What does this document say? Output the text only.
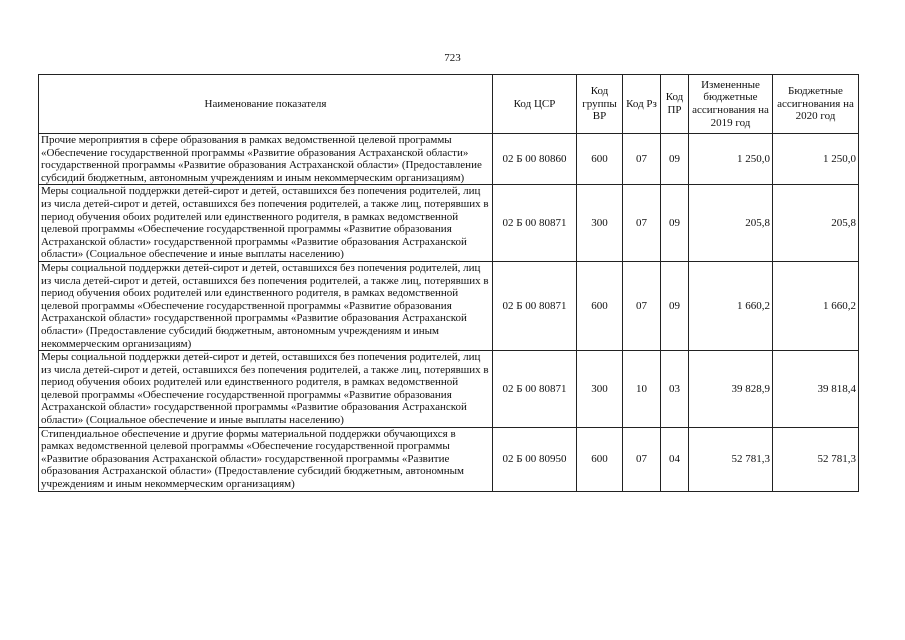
723
Наименование показателя	Код ЦСР	Код группы ВР	Код Рз	Код ПР	Измененные бюджетные ассигнования на 2019 год	Бюджетные ассигнования на 2020 год
Прочие мероприятия в сфере образования в рамках ведомственной целевой программы «Обеспечение государственной программы «Развитие образования Астраханской области» государственной программы «Развитие образования Астраханской области» (Предоставление субсидий бюджетным, автономным учреждениям и иным некоммерческим организациям)	02 Б 00 80860	600	07	09	1 250,0	1 250,0
Меры социальной поддержки детей-сирот и детей, оставшихся без попечения родителей, лиц из числа детей-сирот и детей, оставшихся без попечения родителей, а также лиц, потерявших в период обучения обоих родителей или единственного родителя, в рамках ведомственной целевой программы «Обеспечение государственной программы «Развитие образования Астраханской области» государственной программы «Развитие образования Астраханской области» (Социальное обеспечение и иные выплаты населению)	02 Б 00 80871	300	07	09	205,8	205,8
Меры социальной поддержки детей-сирот и детей, оставшихся без попечения родителей, лиц из числа детей-сирот и детей, оставшихся без попечения родителей, а также лиц, потерявших в период обучения обоих родителей или единственного родителя, в рамках ведомственной целевой программы «Обеспечение государственной программы «Развитие образования Астраханской области» государственной программы «Развитие образования Астраханской области» (Предоставление субсидий бюджетным, автономным учреждениям и иным некоммерческим организациям)	02 Б 00 80871	600	07	09	1 660,2	1 660,2
Меры социальной поддержки детей-сирот и детей, оставшихся без попечения родителей, лиц из числа детей-сирот и детей, оставшихся без попечения родителей, а также лиц, потерявших в период обучения обоих родителей или единственного родителя, в рамках ведомственной целевой программы «Обеспечение государственной программы «Развитие образования Астраханской области» государственной программы «Развитие образования Астраханской области» (Социальное обеспечение и иные выплаты населению)	02 Б 00 80871	300	10	03	39 828,9	39 818,4
Стипендиальное обеспечение и другие формы материальной поддержки обучающихся в рамках ведомственной целевой программы «Обеспечение государственной программы «Развитие образования Астраханской области» государственной программы «Развитие образования Астраханской области» (Предоставление субсидий бюджетным, автономным учреждениям и иным некоммерческим организациям)	02 Б 00 80950	600	07	04	52 781,3	52 781,3
